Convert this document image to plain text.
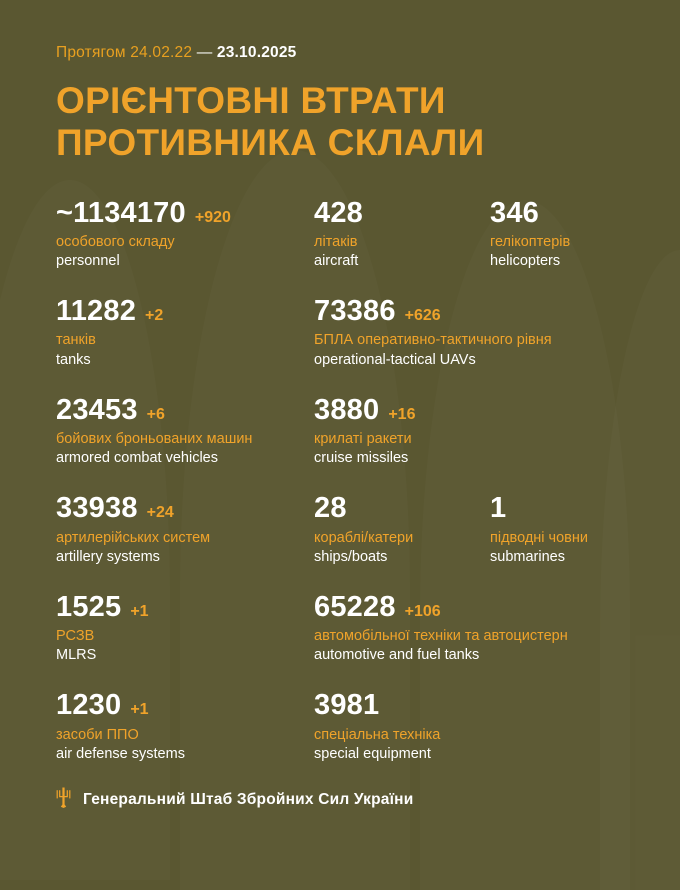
Протягом 24.02.22 — 23.10.2025
ОРІЄНТОВНІ ВТРАТИ
ПРОТИВНИКА СКЛАЛИ
~1134170 +920
особового складу
personnel
11282 +2
танків
tanks
23453 +6
бойових броньованих машин
armored combat vehicles
33938 +24
артилерійських систем
artillery systems
1525 +1
РСЗВ
MLRS
1230 +1
засоби ППО
air defense systems
428
літаків
aircraft
346
гелікоптерів
helicopters
73386 +626
БПЛА оперативно-тактичного рівня
operational-tactical UAVs
3880 +16
крилаті ракети
cruise missiles
28
кораблі/катери
ships/boats
1
підводні човни
submarines
65228 +106
автомобільної техніки та автоцистерн
automotive and fuel tanks
3981
спеціальна техніка
special equipment
Генеральний Штаб Збройних Сил України
